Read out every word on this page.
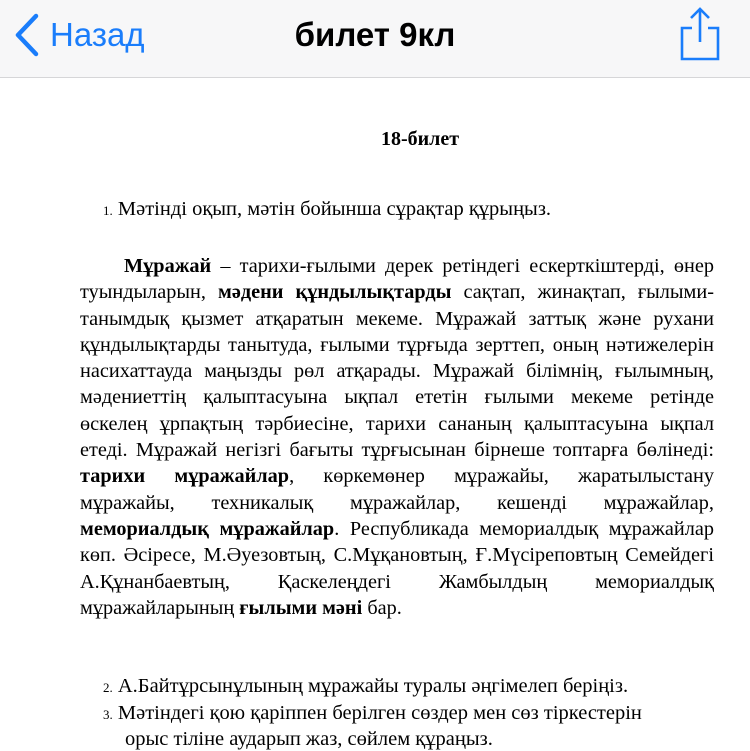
Назад	билет 9кл
18-билет
1. Мәтінді оқып, мәтін бойынша сұрақтар құрыңыз.
Мұражай – тарихи-ғылыми дерек ретіндегі ескерткіштерді, өнер туындыларын, мәдени құндылықтарды сақтап, жинақтап, ғылыми-танымдық қызмет атқаратын мекеме. Мұражай заттық және рухани құндылықтарды танытуда, ғылыми тұрғыда зерттеп, оның нәтижелерін насихаттауда маңызды рөл атқарады. Мұражай білімнің, ғылымның, мәдениеттің қалыптасуына ықпал ететін ғылыми мекеме ретінде өскелең ұрпақтың тәрбиесіне, тарихи сананың қалыптасуына ықпал етеді. Мұражай негізгі бағыты тұрғысынан бірнеше топтарға бөлінеді: тарихи мұражайлар, көркемөнер мұражайы, жаратылыстану мұражайы, техникалық мұражайлар, кешенді мұражайлар, мемориалдық мұражайлар. Республикада мемориалдық мұражайлар көп. Әсіресе, М.Әуезовтың, С.Мұқановтың, Ғ.Мүсіреповтың Семейдегі А.Құнанбаевтың, Қаскелеңдегі Жамбылдың мемориалдық мұражайларының ғылыми мәні бар.
2. А.Байтұрсынұлының мұражайы туралы әңгімелеп беріңіз.
3. Мәтіндегі қою қаріппен берілген сөздер мен сөз тіркестерін
орыс тіліне аударып жаз, сөйлем құраңыз.
